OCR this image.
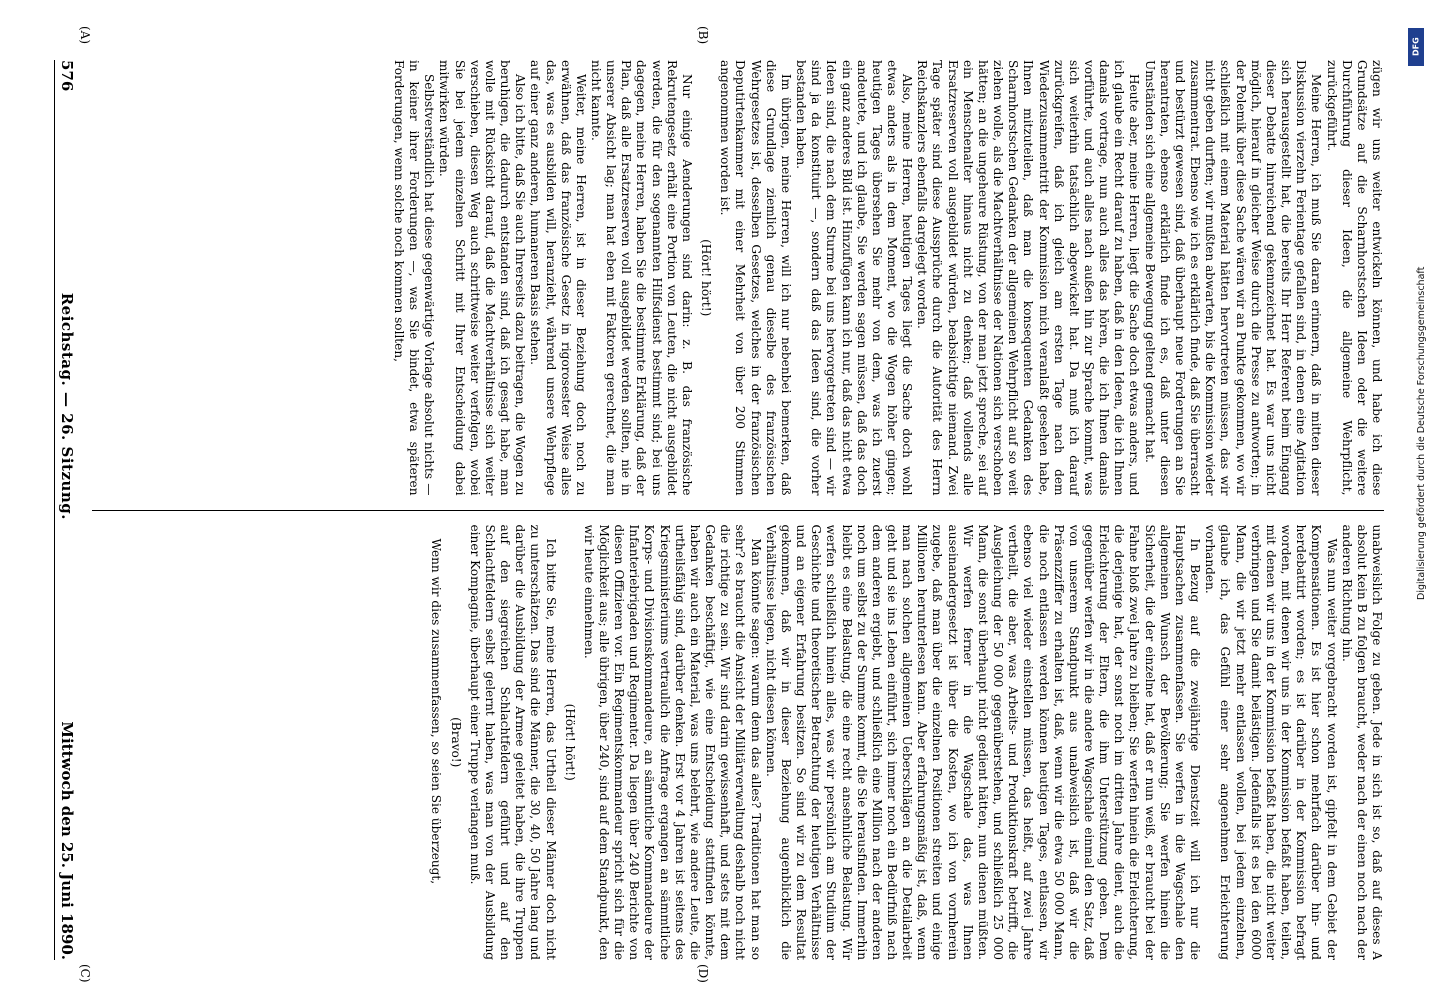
576
Reichstag. — 26. Sitzung.
Mittwoch den 25. Juni 1890.
(A)	(B)
(C)	(D)

zügen wir uns weiter entwickeln können, und habe ich diese Grundsätze auf die Scharnhorstschen Ideen oder die weitere Durchführung dieser Ideen, die allgemeine Wehrpflicht, zurückgeführt.

Meine Herren, ich muß Sie daran erinnern, daß in mitten dieser Diskussion vierzehn Ferientage gefallen sind, in denen eine Agitation sich herausgestellt hat, die bereits Ihr Herr Referent beim Eingang dieser Debatte hinreichend gekennzeichnet hat. Es war uns nicht möglich, hierauf in gleicher Weise durch die Presse zu antworten; in der Polemik über diese Sache wären wir an Punkte gekommen, wo wir schließlich mit einem Material hätten hervortreten müssen, das wir nicht geben durften; wir mußten abwarten, bis die Kommission wieder zusammentrat. Ebenso wie ich es erklärlich finde, daß Sie überrascht und bestürzt gewesen sind, daß überhaupt neue Forderungen an Sie herantraten, ebenso erklärlich finde ich es, daß unter diesen Umständen sich eine allgemeine Bewegung geltend gemacht hat.

Heute aber, meine Herren, liegt die Sache doch etwas anders, und ich glaube ein Recht darauf zu haben, daß in den Ideen, die ich Ihnen damals vortrage, nun auch alles das hören, die ich Ihnen damals vorführte, und auch alles nach außen hin zur Sprache kommt, was sich weiterhin tatsächlich abgewickelt hat. Da muß ich darauf zurückgreifen, daß ich gleich am ersten Tage nach dem Wiederzusammentritt der Kommission mich veranlaßt gesehen habe, Ihnen mitzuteilen, daß man die konsequenten Gedanken des Scharnhorstschen Gedanken der allgemeinen Wehrpflicht auf so weit ziehen wolle, als die Machtverhältnisse der Nationen sich verschoben hätten; an die ungeheure Rüstung, von der man jetzt spreche, sei auf ein Menschenalter hinaus nicht zu denken; daß vollends alle Ersatzreserven voll ausgebildet würden, beabsichtige niemand. Zwei Tage später sind diese Aussprüche durch die Autorität des Herrn Reichskanzlers ebenfalls dargelegt worden.

Also, meine Herren, heutigen Tages liegt die Sache doch wohl etwas anders als in dem Moment, wo die Wogen höher gingen; heutigen Tages übersehen Sie mehr von dem, was ich zuerst andeutete, und ich glaube, Sie werden sagen müssen, daß das doch ein ganz anderes Bild ist. Hinzufügen kann ich nur, daß das nicht etwa Ideen sind, die nach dem Sturme bei uns hervorgetreten sind — wir sind ja da konstituirt —, sondern daß das Ideen sind, die vorher bestanden haben.

Im übrigen, meine Herren, will ich nur nebenbei bemerken, daß diese Grundlage ziemlich genau dieselbe des französischen Wehrgesetzes ist, desselben Gesetzes, welches in der französischen Deputirtenkammer mit einer Mehrheit von über 200 Stimmen angenommen worden ist.

(Hört! hört!)

Nur einige Aenderungen sind darin: z. B. das französische Rekrutengesetz erhält eine Portion von Leuten, die nicht ausgebildet werden, die für den sogenannten Hilfsdienst bestimmt sind; bei uns dagegen, meine Herren, haben Sie die bestimmte Erklärung, daß der Plan, daß alle Ersatzreserven voll ausgebildet werden sollten, nie in unserer Absicht lag; man hat eben mit Faktoren gerechnet, die man nicht kannte.

Weiter, meine Herren, ist in dieser Beziehung doch noch zu erwähnen, daß das französische Gesetz in rigorosester Weise alles das, was es ausbilden will, heranzieht, während unsere Wehrpflege auf einer ganz anderen, humaneren Basis stehen.

Also ich bitte, daß Sie auch Ihrerseits dazu beitragen, die Wogen zu beruhigen, die dadurch entstanden sind, daß ich gesagt habe, man wolle mit Rücksicht darauf, daß die Machtverhältnisse sich weiter verschieben, diesen Weg auch schrittweise weiter verfolgen, wobei Sie bei jedem einzelnen Schritt mit Ihrer Entscheidung dabei mitwirken würden.

Selbstverständlich hat diese gegenwärtige Vorlage absolut nichts — in keiner ihrer Forderungen —, was Sie bindet, etwa späteren Forderungen, wenn solche noch kommen sollten,

unabweislich Folge zu geben. Jede in sich ist so, daß auf dieses A absolut kein B zu folgen braucht, weder nach der einen noch nach der anderen Richtung hin.

Was nun weiter vorgebracht worden ist, gipfelt in dem Gebiet der Kompensationen. Es ist hier schon mehrfach darüber hin- und herdebattirt worden; es ist darüber in der Kommission befragt worden, mit denen wir uns in der Kommission befaßt haben, teilen, mit denen wir uns in der Kommission befaßt haben, die nicht weiter verbringen und Sie damit belästigen. Jedenfalls ist es bei den 6000 Mann, die wir jetzt mehr entlassen wollen, bei jedem einzelnen, glaube ich, das Gefühl einer sehr angenehmen Erleichterung vorhanden.

In Bezug auf die zweijährige Dienstzeit will ich nur die Hauptsachen zusammenfassen. Sie werfen in die Wagschale den allgemeinen Wunsch der Bevölkerung; Sie werfen hinein die Sicherheit, die der einzelne hat, daß er nun weiß, er braucht bei der Fahne bloß zwei Jahre zu bleiben; Sie werfen hinein die Erleichterung, die derjenige hat, der sonst noch im dritten Jahre dient, auch die Erleichterung der Eltern, die ihm Unterstützung geben. Dem gegenüber werfen wir in die andere Wagschale einmal den Satz, daß von unserem Standpunkt aus unabweislich ist, daß wir die Präsenzziffer zu erhalten ist, daß, wenn wir die etwa 50 000 Mann, die noch entlassen werden können heutigen Tages, entlassen, wir ebenso viel wieder einstellen müssen, das heißt, auf zwei Jahre vertheilt, die aber, was Arbeits- und Produktionskraft betrifft, die Ausgleichung der 50 000 gegenüberstehen, und schließlich 25 000 Mann, die sonst überhaupt nicht gedient hätten, nun dienen müßten. Wir werfen ferner in die Wagschale das, was Ihnen auseinandergesetzt ist über die Kosten, wo ich von vornherein zugebe, daß man über die einzelnen Positionen streiten und einige Millionen herunterlesen kann. Aber erfahrungsmäßig ist, daß, wenn man nach solchen allgemeinen Ueberschlägen an die Detailarbeit geht und sie ins Leben einführt, sich immer noch ein Bedürfniß nach dem anderen ergiebt, und schließlich eine Million nach der anderen noch um selbst zu der Summe kommt, die Sie herausfinden. Immerhin bleibt es eine Belastung, die eine recht ansehnliche Belastung. Wir werfen schließlich hinein alles, was wir persönlich am Studium der Geschichte und theoretischer Betrachtung der heutigen Verhältnisse und an eigener Erfahrung besitzen. So sind wir zu dem Resultat gekommen, daß wir in dieser Beziehung augenblicklich die Verhältnisse liegen, nicht diesen können.

Man könnte sagen: warum denn das alles? Traditionen hat man so sehr? es braucht die Ansicht der Militärverwaltung deshalb noch nicht die richtige zu sein. Wir sind darin gewissenhaft, und stets mit dem Gedanken beschäftigt, wie eine Entscheidung stattfinden könnte, haben wir auch ein Material, was uns belehrt, wie andere Leute, die urtheilsfähig sind, darüber denken. Erst vor 4 Jahren ist seitens des Kriegsministeriums vertraulich die Anfrage ergangen an sämmtliche Korps- und Divisionskommandeure, an sämmtliche Kommandeure der Infanteriebrigaden und Regimenter. Da liegen über 240 Berichte von diesen Offizieren vor. Ein Regimentskommandeur spricht sich für die Möglichkeit aus; alle übrigen, über 240, sind auf dem Standpunkt, den wir heute einnehmen.

(Hört! hört!)

Ich bitte Sie, meine Herren, das Urtheil dieser Männer doch nicht zu unterschätzen. Das sind die Männer, die 30, 40, 50 Jahre lang und darüber die Ausbildung der Armee geleitet haben, die ihre Truppen auf den siegreichen Schlachtfeldern geführt und auf den Schlachtfeldern selbst gelernt haben, was man von der Ausbildung einer Kompagnie, überhaupt einer Truppe verlangen muß.

(Bravo!)

Wenn wir dies zusammenfassen, so seien Sie überzeugt,

DFG
Digitalisierung gefördert durch die Deutsche Forschungsgemeinschaft
